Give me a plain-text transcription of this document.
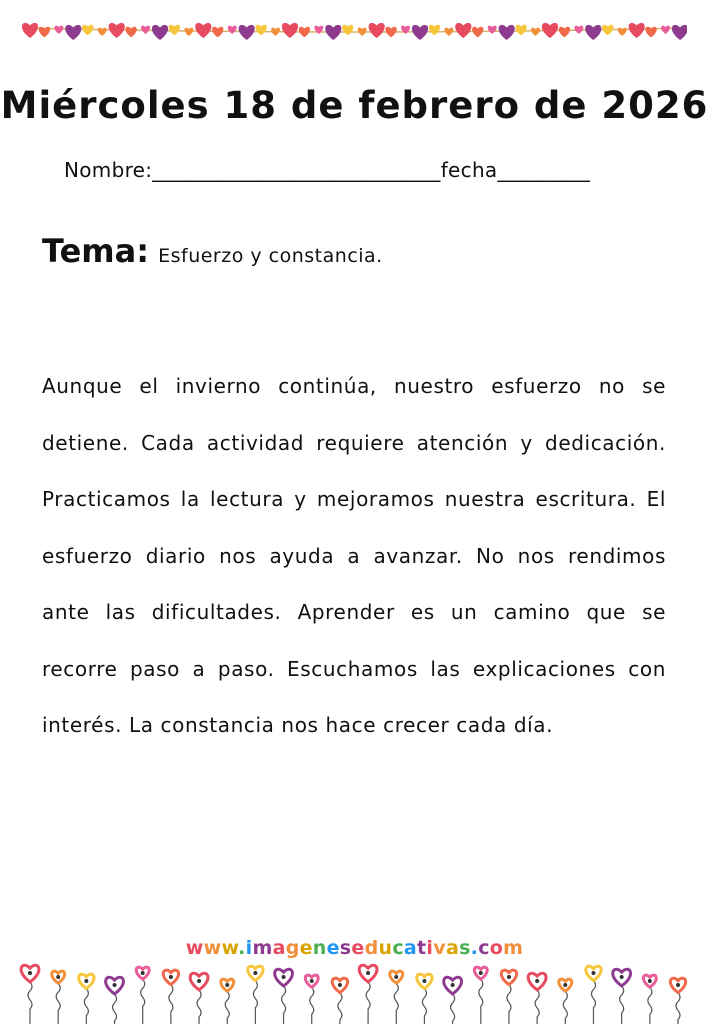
Miércoles 18 de febrero de 2026
Nombre:____________________________fecha_________
Tema: Esfuerzo y constancia.

Aunque el invierno continúa, nuestro esfuerzo no se detiene. Cada actividad requiere atención y dedicación. Practicamos la lectura y mejoramos nuestra escritura. El esfuerzo diario nos ayuda a avanzar. No nos rendimos ante las dificultades. Aprender es un camino que se recorre paso a paso. Escuchamos las explicaciones con interés. La constancia nos hace crecer cada día.

www.imageneseducativas.com
